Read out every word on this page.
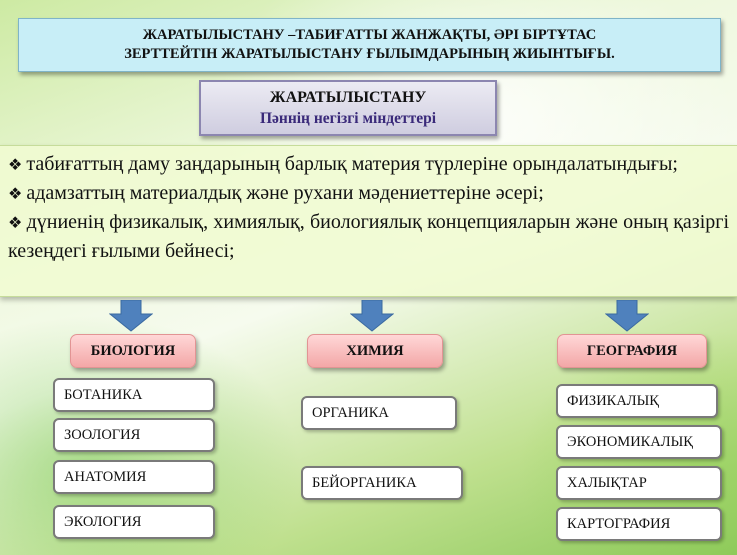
ЖАРАТЫЛЫСТАНУ –ТАБИҒАТТЫ ЖАНЖАҚТЫ, ӘРІ БІРТҰТАС
ЗЕРТТЕЙТІН ЖАРАТЫЛЫСТАНУ ҒЫЛЫМДАРЫНЫҢ ЖИЫНТЫҒЫ.
ЖАРАТЫЛЫСТАНУ
Пәннің негізгі міндеттері
❖ табиғаттың даму заңдарының барлық материя түрлеріне орындалатындығы;
❖ адамзаттың материалдық және рухани мәдениеттеріне әсері;
❖ дүниенің физикалық, химиялық, биологиялық концепцияларын және оның қазіргі кезеңдегі ғылыми бейнесі;
БИОЛОГИЯ	ХИМИЯ	ГЕОГРАФИЯ
БОТАНИКА
ЗООЛОГИЯ
АНАТОМИЯ
ЭКОЛОГИЯ
ОРГАНИКА
БЕЙОРГАНИКА
ФИЗИКАЛЫҚ
ЭКОНОМИКАЛЫҚ
ХАЛЫҚТАР
КАРТОГРАФИЯ
